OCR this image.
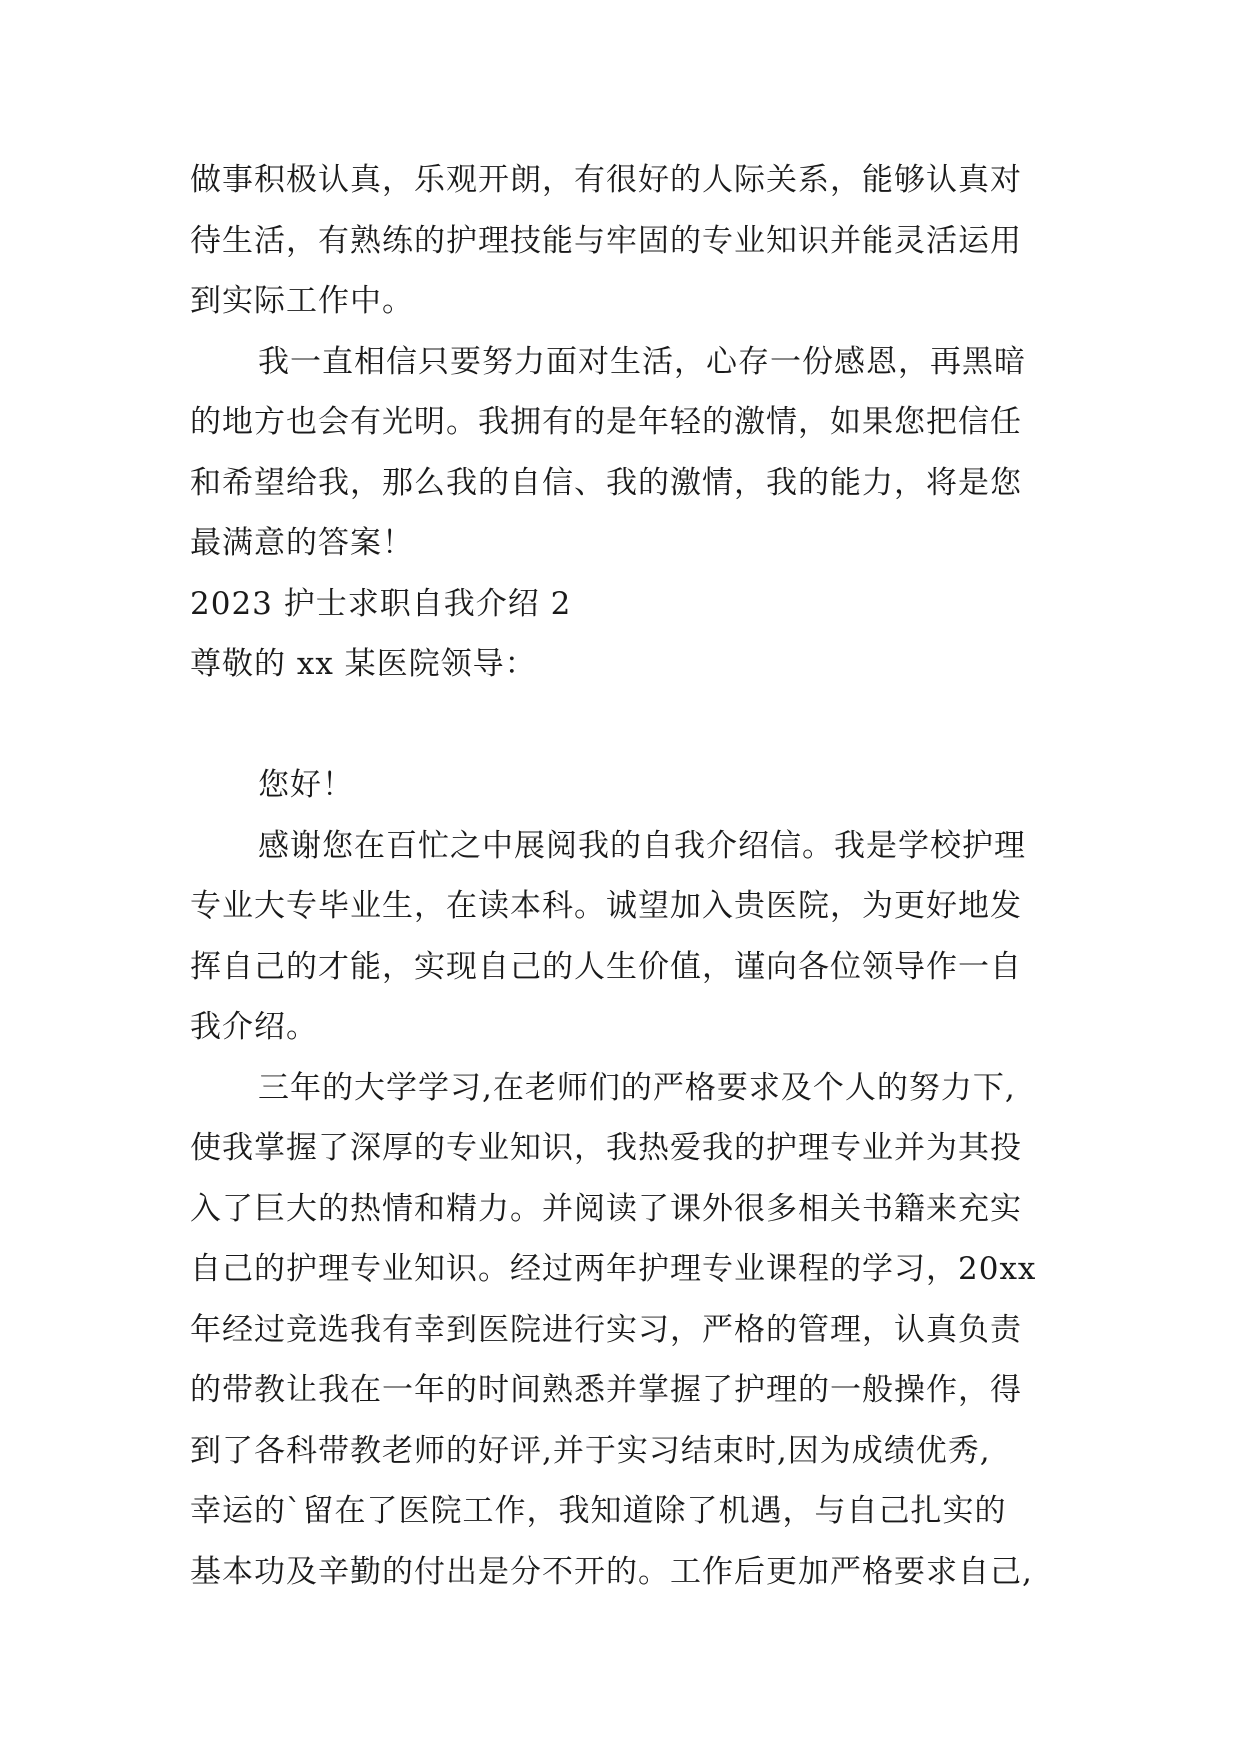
做事积极认真，乐观开朗，有很好的人际关系，能够认真对
待生活，有熟练的护理技能与牢固的专业知识并能灵活运用
到实际工作中。
我一直相信只要努力面对生活，心存一份感恩，再黑暗
的地方也会有光明。我拥有的是年轻的激情，如果您把信任
和希望给我，那么我的自信、我的激情，我的能力，将是您
最满意的答案！
2023 护士求职自我介绍 2
尊敬的 xx 某医院领导：
您好！
感谢您在百忙之中展阅我的自我介绍信。我是学校护理
专业大专毕业生，在读本科。诚望加入贵医院，为更好地发
挥自己的才能，实现自己的人生价值，谨向各位领导作一自
我介绍。
三年的大学学习,在老师们的严格要求及个人的努力下,
使我掌握了深厚的专业知识，我热爱我的护理专业并为其投
入了巨大的热情和精力。并阅读了课外很多相关书籍来充实
自己的护理专业知识。经过两年护理专业课程的学习，20xx
年经过竞选我有幸到医院进行实习，严格的管理，认真负责
的带教让我在一年的时间熟悉并掌握了护理的一般操作，得
到了各科带教老师的好评,并于实习结束时,因为成绩优秀,
幸运的`留在了医院工作，我知道除了机遇，与自己扎实的
基本功及辛勤的付出是分不开的。工作后更加严格要求自己,
